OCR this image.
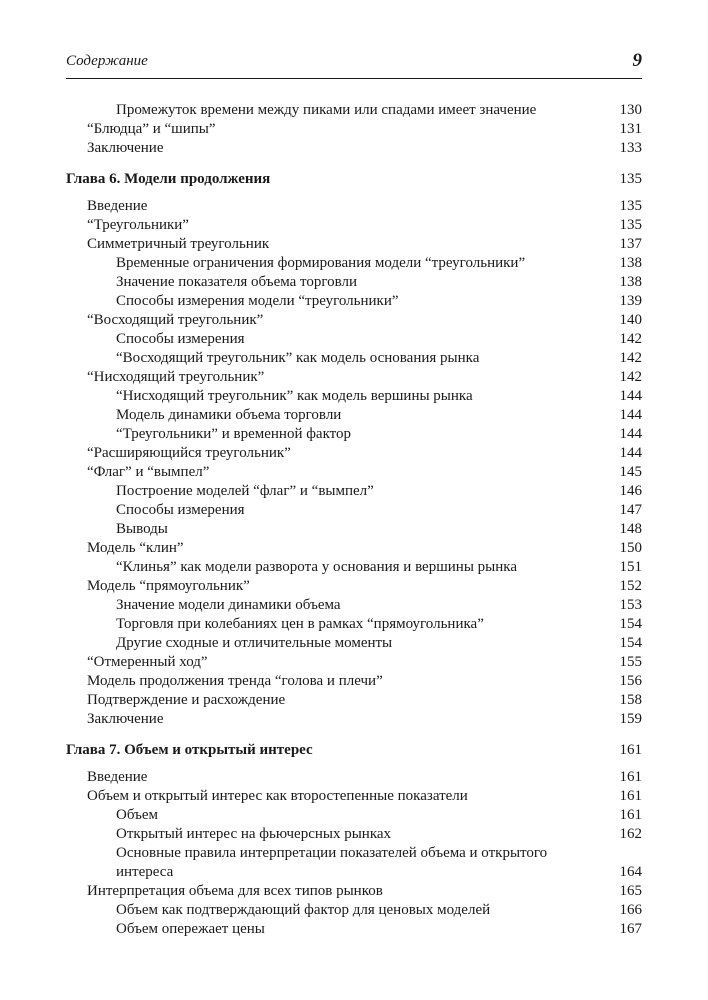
Содержание	9
Промежуток времени между пиками или спадами имеет значение	130
“Блюдца” и “шипы”	131
Заключение	133
Глава 6. Модели продолжения	135
Введение	135
“Треугольники”	135
Симметричный треугольник	137
Временные ограничения формирования модели “треугольники”	138
Значение показателя объема торговли	138
Способы измерения модели “треугольники”	139
“Восходящий треугольник”	140
Способы измерения	142
“Восходящий треугольник” как модель основания рынка	142
“Нисходящий треугольник”	142
“Нисходящий треугольник” как модель вершины рынка	144
Модель динамики объема торговли	144
“Треугольники” и временной фактор	144
“Расширяющийся треугольник”	144
“Флаг” и “вымпел”	145
Построение моделей “флаг” и “вымпел”	146
Способы измерения	147
Выводы	148
Модель “клин”	150
“Клинья” как модели разворота у основания и вершины рынка	151
Модель “прямоугольник”	152
Значение модели динамики объема	153
Торговля при колебаниях цен в рамках “прямоугольника”	154
Другие сходные и отличительные моменты	154
“Отмеренный ход”	155
Модель продолжения тренда “голова и плечи”	156
Подтверждение и расхождение	158
Заключение	159
Глава 7. Объем и открытый интерес	161
Введение	161
Объем и открытый интерес как второстепенные показатели	161
Объем	161
Открытый интерес на фьючерсных рынках	162
Основные правила интерпретации показателей объема и открытого интереса	164
Интерпретация объема для всех типов рынков	165
Объем как подтверждающий фактор для ценовых моделей	166
Объем опережает цены	167
